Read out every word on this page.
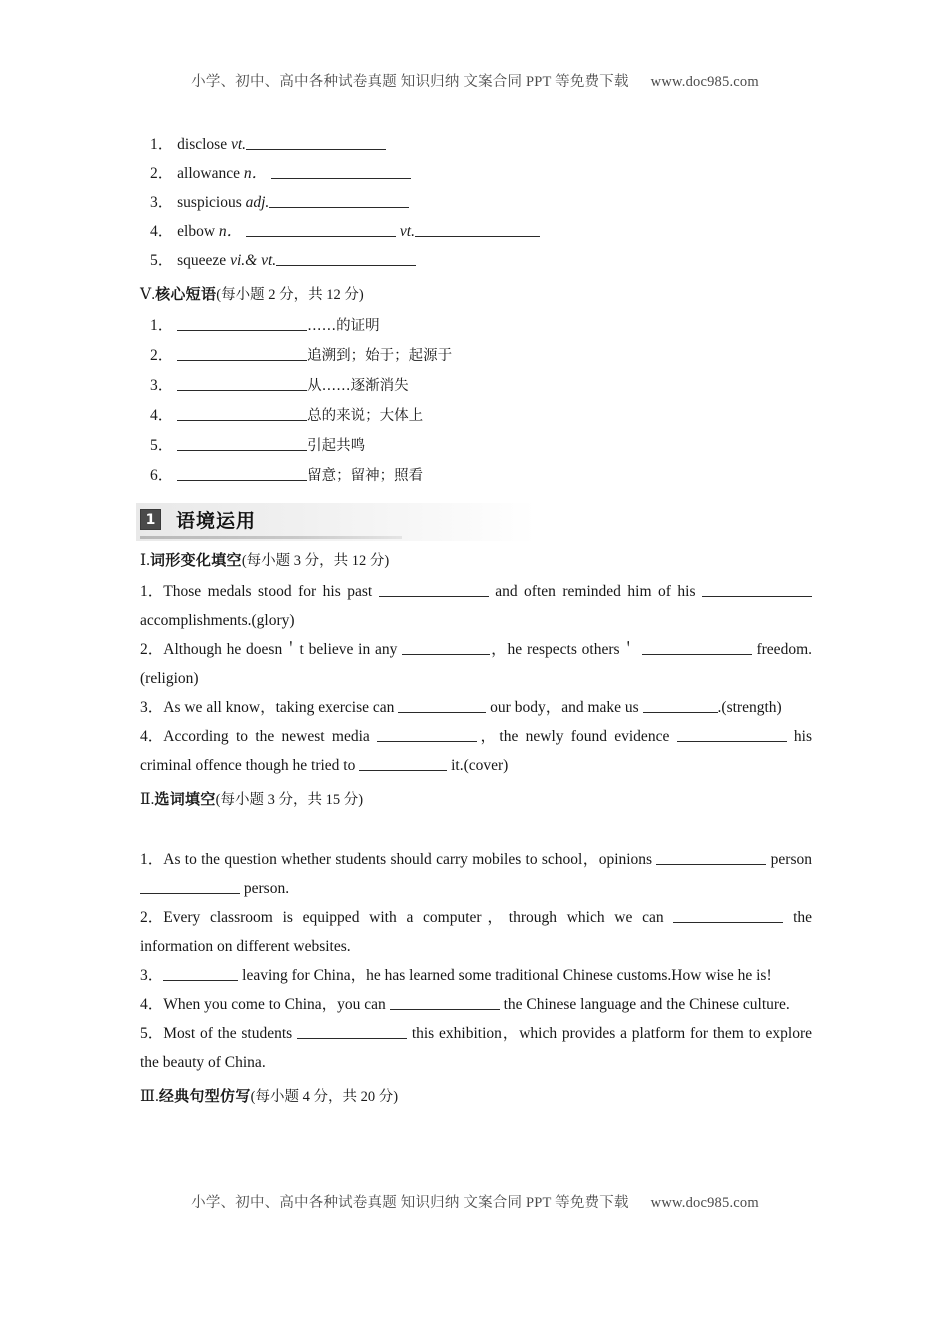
小学、初中、高中各种试卷真题 知识归纳 文案合同 PPT 等免费下载 www.doc985.com
1． disclose vt.
2． allowance n．
3． suspicious adj.
4． elbow n．	vt.
5． squeeze vi.& vt.
Ⅴ.核心短语(每小题 2 分，共 12 分)
1．	……的证明
2．	追溯到；始于；起源于
3．	从……逐渐消失
4．	总的来说；大体上
5．	引起共鸣
6．	留意；留神；照看
1 语境运用
Ⅰ.词形变化填空(每小题 3 分，共 12 分)

1．Those medals stood for his past	and often reminded him of his  accomplishments.(glory)

2．Although he doesn＇t believe in any	，he respects others＇	freedom.(religion)

3．As we all know，taking exercise can	our body，and make us	.(strength)

4．According to the newest media	，the newly found evidence	his criminal offence though he tried to	it.(cover)

Ⅱ.选词填空(每小题 3 分，共 15 分)

1．As to the question whether students should carry mobiles to school，opinions	person  person.

2．Every classroom is equipped with a computer，through which we can	the information on different websites.

3．	leaving for China，he has learned some traditional Chinese customs.How wise he is!

4．When you come to China，you can	the Chinese language and the Chinese culture.

5．Most of the students	this exhibition，which provides a platform for them to explore the beauty of China.

Ⅲ.经典句型仿写(每小题 4 分，共 20 分)
小学、初中、高中各种试卷真题 知识归纳 文案合同 PPT 等免费下载 www.doc985.com
